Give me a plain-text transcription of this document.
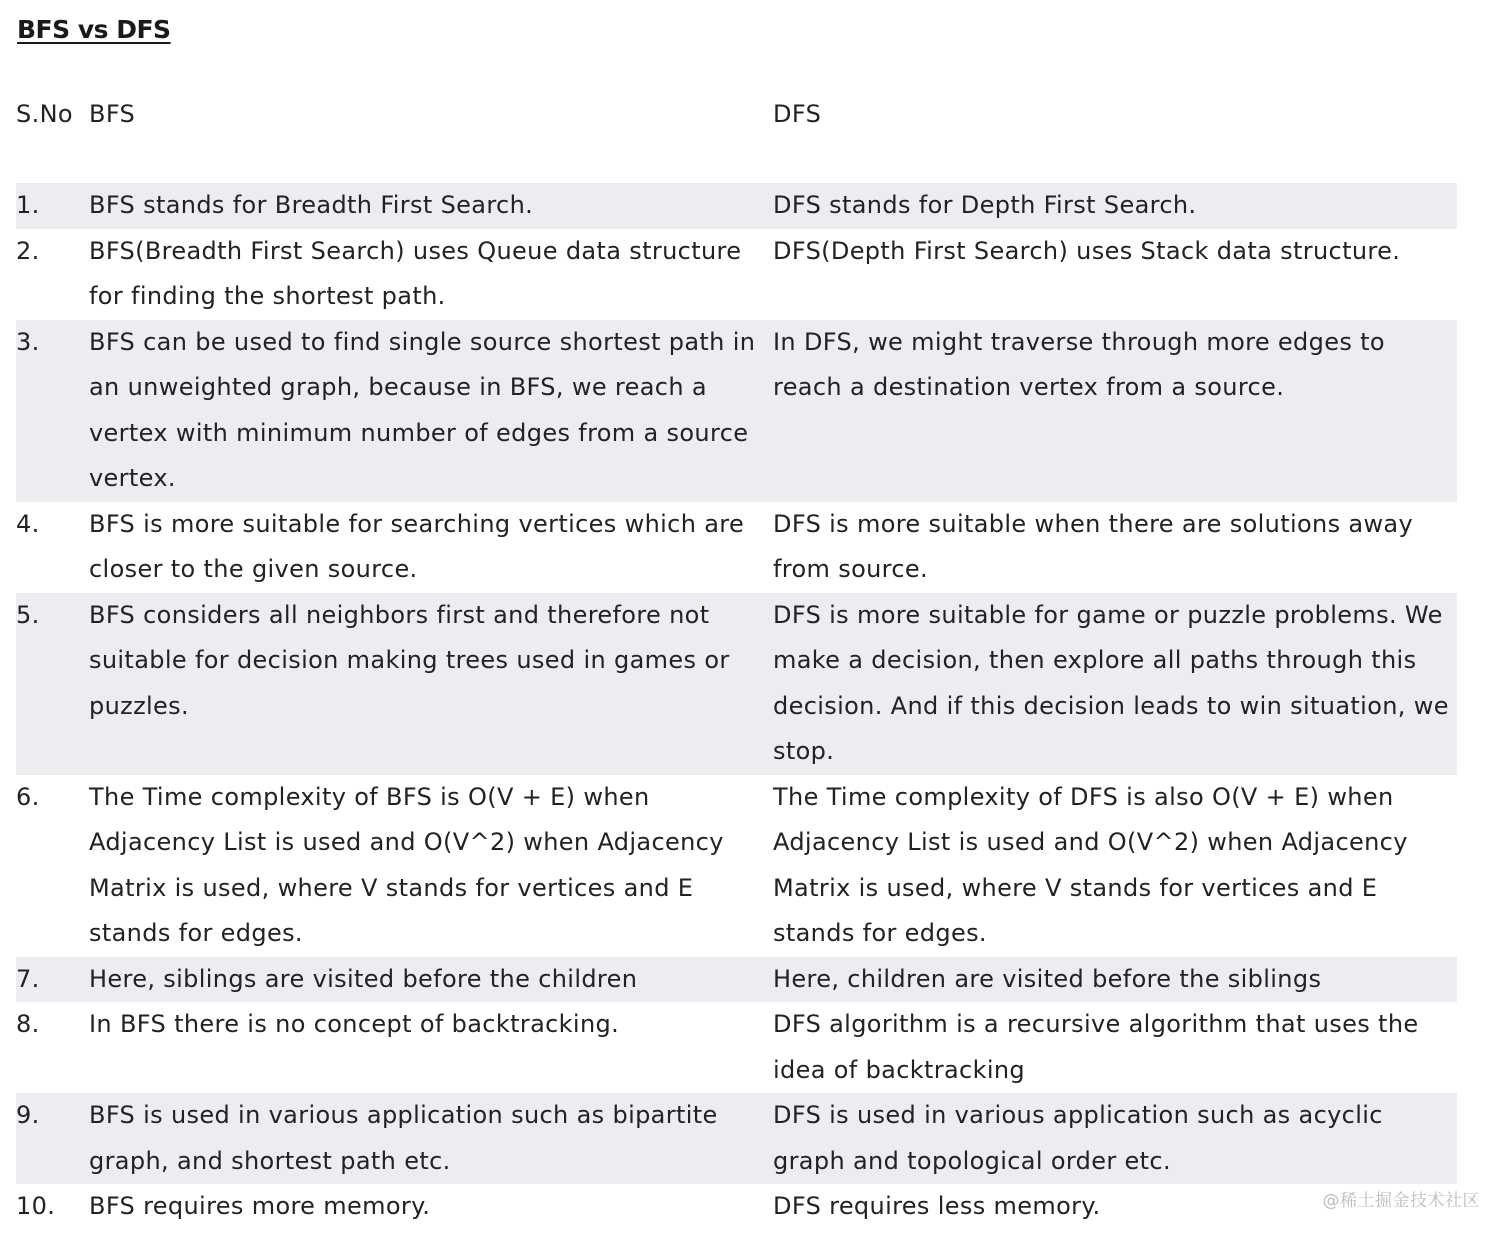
BFS vs DFS
S.No	BFS	DFS
1.	BFS stands for Breadth First Search.	DFS stands for Depth First Search.
2.	BFS(Breadth First Search) uses Queue data structure for finding the shortest path.	DFS(Depth First Search) uses Stack data structure.
3.	BFS can be used to find single source shortest path in an unweighted graph, because in BFS, we reach a vertex with minimum number of edges from a source vertex.	In DFS, we might traverse through more edges to reach a destination vertex from a source.
4.	BFS is more suitable for searching vertices which are closer to the given source.	DFS is more suitable when there are solutions away from source.
5.	BFS considers all neighbors first and therefore not suitable for decision making trees used in games or puzzles.	DFS is more suitable for game or puzzle problems. We make a decision, then explore all paths through this decision. And if this decision leads to win situation, we stop.
6.	The Time complexity of BFS is O(V + E) when Adjacency List is used and O(V^2) when Adjacency Matrix is used, where V stands for vertices and E stands for edges.	The Time complexity of DFS is also O(V + E) when Adjacency List is used and O(V^2) when Adjacency Matrix is used, where V stands for vertices and E stands for edges.
7.	Here, siblings are visited before the children	Here, children are visited before the siblings
8.	In BFS there is no concept of backtracking.	DFS algorithm is a recursive algorithm that uses the idea of backtracking
9.	BFS is used in various application such as bipartite graph, and shortest path etc.	DFS is used in various application such as acyclic graph and topological order etc.
10.	BFS requires more memory.	DFS requires less memory.	@稀土掘金技术社区
